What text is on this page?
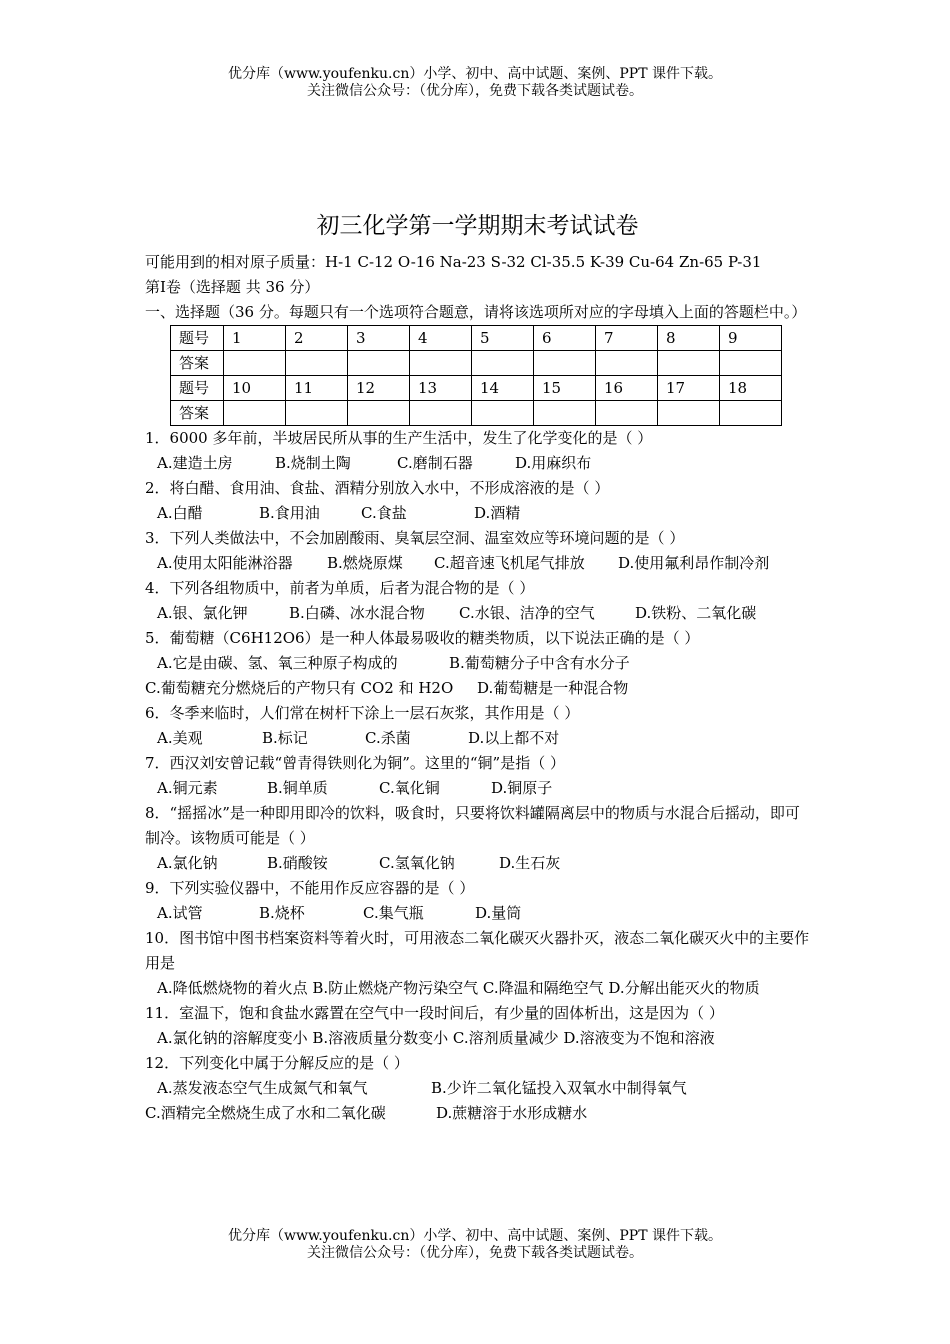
优分库（www.youfenku.cn）小学、初中、高中试题、案例、PPT 课件下载。
关注微信公众号：（优分库），免费下载各类试题试卷。
初三化学第一学期期末考试试卷
可能用到的相对原子质量：H-1 C-12 O-16 Na-23 S-32 Cl-35.5 K-39 Cu-64 Zn-65 P-31
第Ⅰ卷（选择题 共 36 分）

一、选择题（36 分。每题只有一个选项符合题意，请将该选项所对应的字母填入上面的答题栏中。）

题号	1	2	3	4	5	6	7	8	9
答案									
题号	10	11	12	13	14	15	16	17	18
答案									
1．6000 多年前，半坡居民所从事的生产生活中，发生了化学变化的是（ ）
A.建造土房	B.烧制土陶	C.磨制石器	D.用麻织布
2．将白醋、食用油、食盐、酒精分别放入水中，不形成溶液的是（ ）
A.白醋	B.食用油	C.食盐	D.酒精
3．下列人类做法中，不会加剧酸雨、臭氧层空洞、温室效应等环境问题的是（ ）
A.使用太阳能淋浴器 B.燃烧原煤 C.超音速飞机尾气排放 D.使用氟利昂作制冷剂
4．下列各组物质中，前者为单质，后者为混合物的是（ ）
A.银、氯化钾	B.白磷、冰水混合物 C.水银、洁净的空气	D.铁粉、二氧化碳
5．葡萄糖（C6H12O6）是一种人体最易吸收的糖类物质，以下说法正确的是（ ）
A.它是由碳、氢、氧三种原子构成的	B.葡萄糖分子中含有水分子
C.葡萄糖充分燃烧后的产物只有 CO2 和 H2O D.葡萄糖是一种混合物
6．冬季来临时，人们常在树杆下涂上一层石灰浆，其作用是（ ）
A.美观	B.标记	C.杀菌	D.以上都不对
7．西汉刘安曾记载“曾青得铁则化为铜”。这里的“铜”是指（ ）
A.铜元素	B.铜单质	C.氧化铜	D.铜原子

8．“摇摇冰”是一种即用即冷的饮料，吸食时，只要将饮料罐隔离层中的物质与水混合后摇动，即可制冷。该物质可能是（ ）

A.氯化钠	B.硝酸铵	C.氢氧化钠	D.生石灰
9．下列实验仪器中，不能用作反应容器的是（ ）
A.试管	B.烧杯	C.集气瓶	D.量筒

10．图书馆中图书档案资料等着火时，可用液态二氧化碳灭火器扑灭，液态二氧化碳灭火中的主要作用是

A.降低燃烧物的着火点 B.防止燃烧产物污染空气 C.降温和隔绝空气 D.分解出能灭火的物质

11．室温下，饱和食盐水露置在空气中一段时间后，有少量的固体析出，这是因为（ ）

A.氯化钠的溶解度变小 B.溶液质量分数变小 C.溶剂质量减少 D.溶液变为不饱和溶液

12．下列变化中属于分解反应的是（ ）
A.蒸发液态空气生成氮气和氧气	B.少许二氧化锰投入双氧水中制得氧气
C.酒精完全燃烧生成了水和二氧化碳	D.蔗糖溶于水形成糖水
优分库（www.youfenku.cn）小学、初中、高中试题、案例、PPT 课件下载。
关注微信公众号：（优分库），免费下载各类试题试卷。
